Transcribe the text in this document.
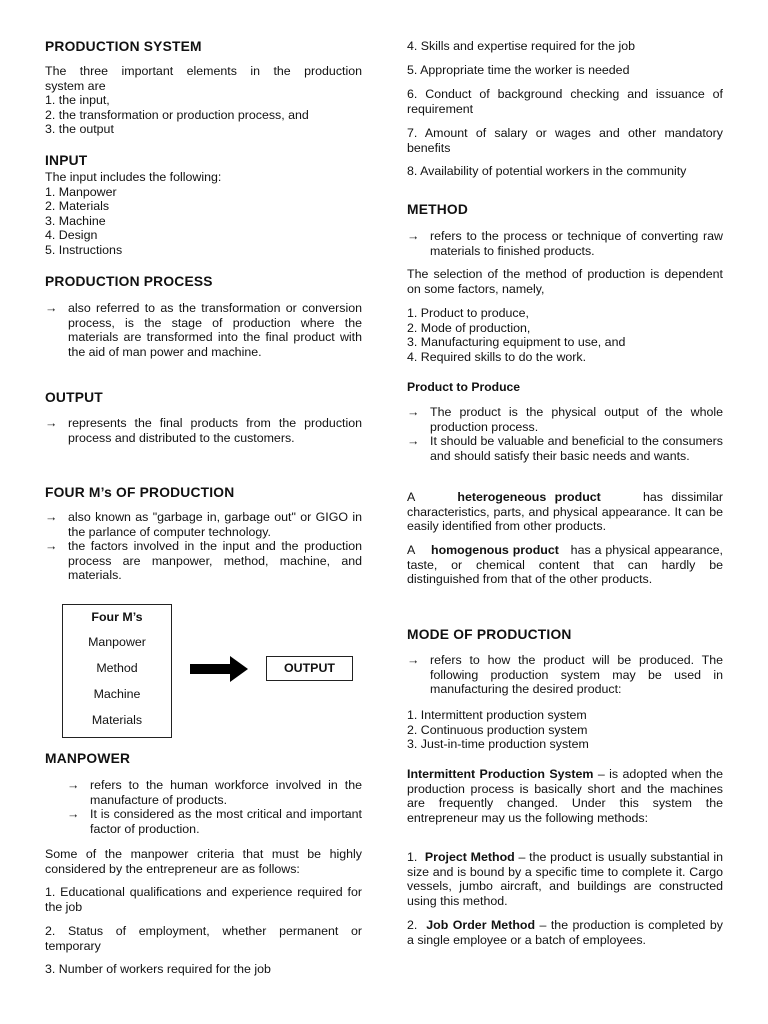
PRODUCTION SYSTEM
The three important elements in the production
system are
1. the input,
2. the transformation or production process, and
3. the output
INPUT
The input includes the following:
1. Manpower
2. Materials
3. Machine
4. Design
5. Instructions
PRODUCTION PROCESS

→ also referred to as the transformation or conversion process, is the stage of production where the materials are transformed into the final product with the aid of man power and machine.

OUTPUT

→ represents the final products from the production process and distributed to the customers.

FOUR M’s OF PRODUCTION

→ also known as "garbage in, garbage out" or GIGO in the parlance of computer technology.

→ the factors involved in the input and the production process are manpower, method, machine, and materials.

MANPOWER

→ refers to the human workforce involved in the manufacture of products.

→ It is considered as the most critical and important factor of production.

Some of the manpower criteria that must be highly considered by the entrepreneur are as follows:

1. Educational qualifications and experience required for the job

2. Status of employment, whether permanent or temporary

3. Number of workers required for the job

Four M’s
Manpower
Method
Machine
Materials
OUTPUT

4. Skills and expertise required for the job

5. Appropriate time the worker is needed

6. Conduct of background checking and issuance of requirement

7. Amount of salary or wages and other mandatory benefits

8. Availability of potential workers in the community

METHOD

→ refers to the process or technique of converting raw materials to finished products.

The selection of the method of production is dependent on some factors, namely,

1. Product to produce,
2. Mode of production,
3. Manufacturing equipment to use, and
4. Required skills to do the work.
Product to Produce

→ The product is the physical output of the whole production process.

→ It should be valuable and beneficial to the consumers and should satisfy their basic needs and wants.

A	heterogeneous product	has dissimilar characteristics, parts, and physical appearance. It can be easily identified from other products.

A homogenous product has a physical appearance, taste, or chemical content that can hardly be distinguished from that of the other products.

MODE OF PRODUCTION

→ refers to how the product will be produced. The following production system may be used in manufacturing the desired product:

1. Intermittent production system
2. Continuous production system
3. Just-in-time production system

Intermittent Production System – is adopted when the production process is basically short and the machines are frequently changed. Under this system the entrepreneur may us the following methods:

1. Project Method – the product is usually substantial in size and is bound by a specific time to complete it. Cargo vessels, jumbo aircraft, and buildings are constructed using this method.

2. Job Order Method – the production is completed by a single employee or a batch of employees.
